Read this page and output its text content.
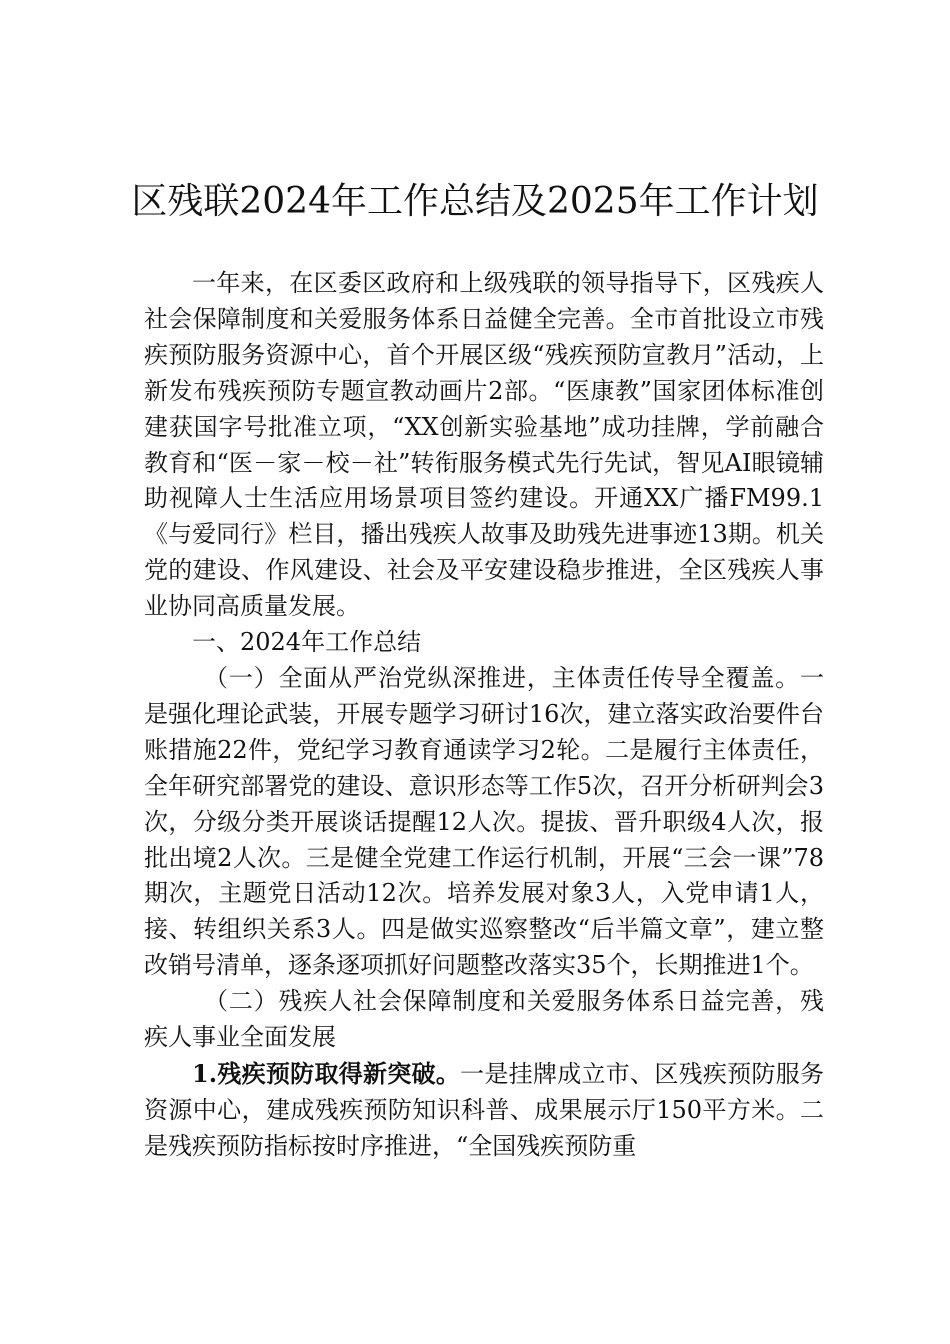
区残联2024年工作总结及2025年工作计划

一年来，在区委区政府和上级残联的领导指导下，区残疾人社会保障制度和关爱服务体系日益健全完善。全市首批设立市残疾预防服务资源中心，首个开展区级“残疾预防宣教月”活动，上新发布残疾预防专题宣教动画片2部。“医康教”国家团体标准创建获国字号批准立项，“XX创新实验基地”成功挂牌，学前融合教育和“医－家－校－社”转衔服务模式先行先试，智见AI眼镜辅助视障人士生活应用场景项目签约建设。开通XX广播FM99.1《与爱同行》栏目，播出残疾人故事及助残先进事迹13期。机关党的建设、作风建设、社会及平安建设稳步推进，全区残疾人事业协同高质量发展。

一、2024年工作总结

（一）全面从严治党纵深推进，主体责任传导全覆盖。一是强化理论武装，开展专题学习研讨16次，建立落实政治要件台账措施22件，党纪学习教育通读学习2轮。二是履行主体责任，全年研究部署党的建设、意识形态等工作5次，召开分析研判会3次，分级分类开展谈话提醒12人次。提拔、晋升职级4人次，报批出境2人次。三是健全党建工作运行机制，开展“三会一课”78期次，主题党日活动12次。培养发展对象3人，入党申请1人，接、转组织关系3人。四是做实巡察整改“后半篇文章”，建立整改销号清单，逐条逐项抓好问题整改落实35个，长期推进1个。

（二）残疾人社会保障制度和关爱服务体系日益完善，残疾人事业全面发展

1.残疾预防取得新突破。一是挂牌成立市、区残疾预防服务资源中心，建成残疾预防知识科普、成果展示厅150平方米。二是残疾预防指标按时序推进，“全国残疾预防重
